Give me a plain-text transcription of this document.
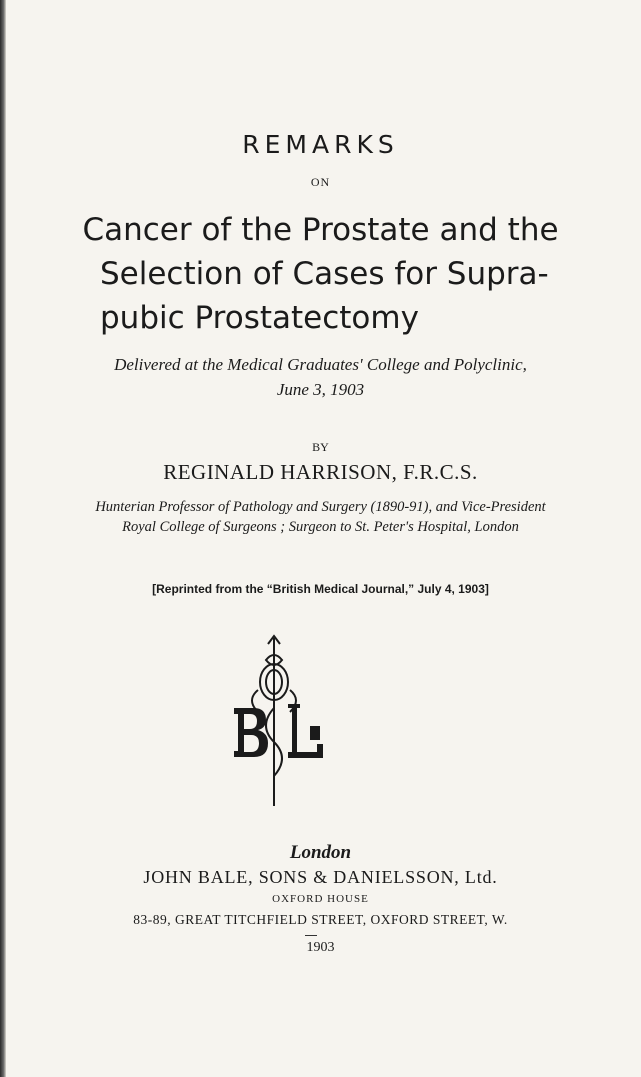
REMARKS
ON
Cancer of the Prostate and the
Selection of Cases for Supra-
pubic Prostatectomy
Delivered at the Medical Graduates' College and Polyclinic,
June 3, 1903
BY
REGINALD HARRISON, F.R.C.S.
Hunterian Professor of Pathology and Surgery (1890-91), and Vice-President
Royal College of Surgeons ; Surgeon to St. Peter's Hospital, London
[Reprinted from the “British Medical Journal,” July 4, 1903]
London
JOHN BALE, SONS & DANIELSSON, Ltd.
OXFORD HOUSE
83-89, GREAT TITCHFIELD STREET, OXFORD STREET, W.
1903
